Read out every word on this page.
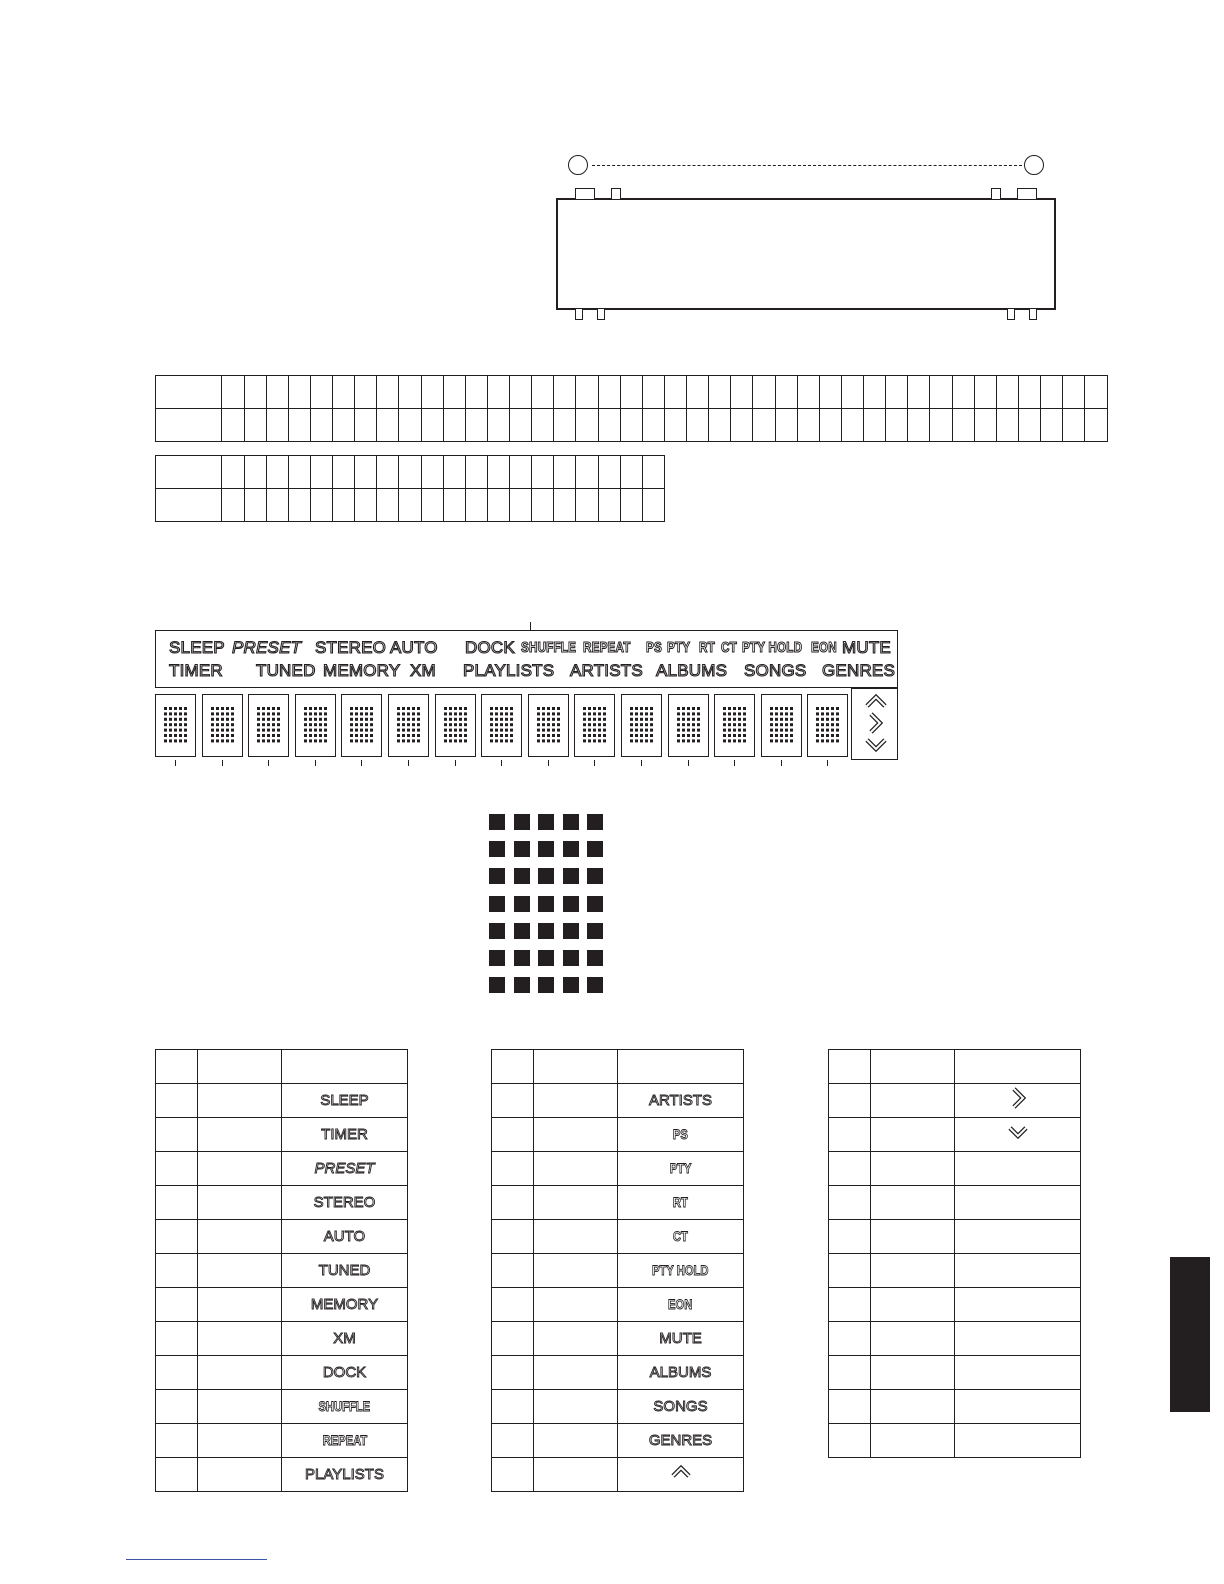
SLEEP PRESET STEREO AUTO DOCK SHUFFLE REPEAT PS PTY RT CT PTY HOLD EON MUTE
TIMER TUNED MEMORY XM PLAYLISTS ARTISTS ALBUMS SONGS GENRES

		SLEEP
		TIMER
		PRESET
		STEREO
		AUTO
		TUNED
		MEMORY
		XM
		DOCK
		SHUFFLE
		REPEAT
		PLAYLISTS

		ARTISTS
		PS
		PTY
		RT
		CT
		PTY HOLD
		EON
		MUTE
		ALBUMS
		SONGS
		GENRES
